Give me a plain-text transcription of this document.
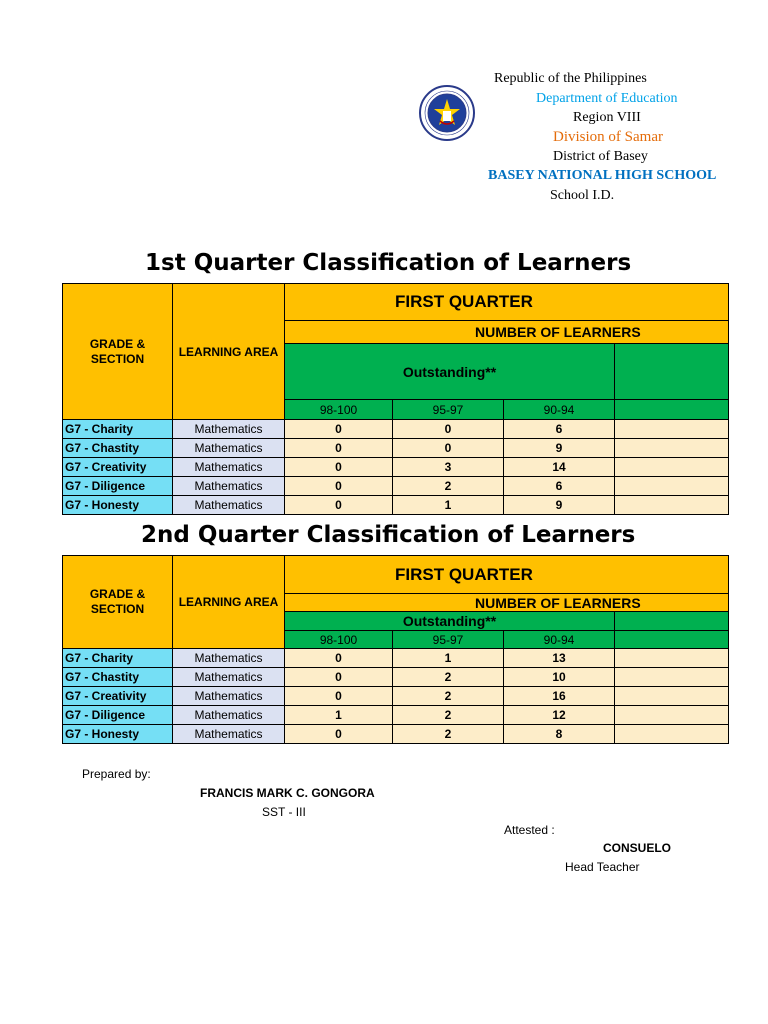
Republic of the Philippines
Department of Education
Region VIII
Division of Samar
District of Basey
BASEY NATIONAL HIGH SCHOOL
School I.D.
1st Quarter Classification of Learners
GRADE & SECTION	LEARNING AREA	FIRST QUARTER			
		NUMBER OF LEARNERS			
		Outstanding**			
		98-100	95-97	90-94	
G7 - Charity	Mathematics	0	0	6	
G7 - Chastity	Mathematics	0	0	9	
G7 - Creativity	Mathematics	0	3	14	
G7 - Diligence	Mathematics	0	2	6	
G7 - Honesty	Mathematics	0	1	9	
2nd Quarter Classification of Learners
GRADE & SECTION	LEARNING AREA	FIRST QUARTER			
		NUMBER OF LEARNERS			
		Outstanding**			
		98-100	95-97	90-94	
G7 - Charity	Mathematics	0	1	13	
G7 - Chastity	Mathematics	0	2	10	
G7 - Creativity	Mathematics	0	2	16	
G7 - Diligence	Mathematics	1	2	12	
G7 - Honesty	Mathematics	0	2	8	
Prepared by:
FRANCIS MARK C. GONGORA
SST - III
Attested :
CONSUELO
Head Teacher
